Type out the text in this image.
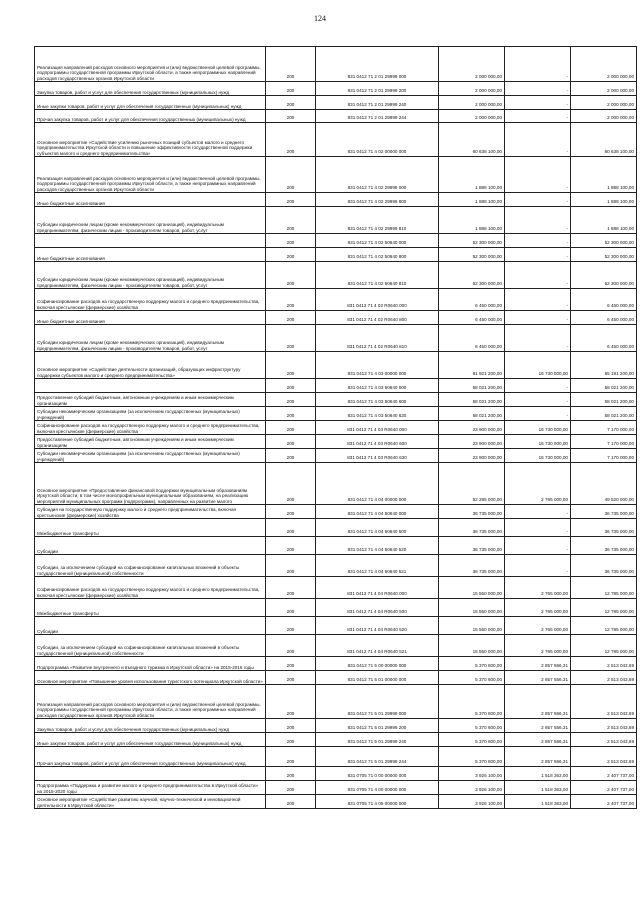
124
Реализация направлений расходов основного мероприятия и (или) ведомственной целевой программы, подпрограммы государственной программы Иркутской области, а также непрограммных направлений расходов государственных органов Иркутской области	200	831 0412 71 2 01 29999 000	2 000 000,00	-	2 000 000,00
Закупка товаров, работ и услуг для обеспечения государственных (муниципальных) нужд	200	831 0412 71 2 01 29999 200	2 000 000,00	-	2 000 000,00
Иные закупки товаров, работ и услуг для обеспечения государственных (муниципальных) нужд	200	831 0412 71 2 01 29999 240	2 000 000,00	-	2 000 000,00
Прочая закупка товаров, работ и услуг для обеспечения государственных (муниципальных) нужд	200	831 0412 71 2 01 29999 244	2 000 000,00	-	2 000 000,00
Основное мероприятие «Содействие усилению рыночных позиций субъектов малого и среднего предпринимательства Иркутской области и повышение эффективности государственной поддержки субъектов малого и среднего предпринимательства»	200	831 0412 71 4 02 00000 000	60 638 100,00	-	60 638 100,00
Реализация направлений расходов основного мероприятия и (или) ведомственной целевой программы, подпрограммы государственной программы Иркутской области, а также непрограммных направлений расходов государственных органов Иркутской области	200	831 0412 71 4 02 29999 000	1 888 100,00	-	1 888 100,00
Иные бюджетные ассигнования	200	831 0412 71 4 02 29999 800	1 888 100,00	-	1 888 100,00
Субсидии юридическим лицам (кроме некоммерческих организаций), индивидуальным предпринимателям, физическим лицам - производителям товаров, работ, услуг	200	831 0412 71 4 02 29999 810	1 888 100,00	-	1 888 100,00
	200	831 0412 71 4 02 50640 000	52 300 000,00	-	52 300 000,00
Иные бюджетные ассигнования	200	831 0412 71 4 02 50640 800	52 300 000,00	-	52 300 000,00
Субсидии юридическим лицам (кроме некоммерческих организаций), индивидуальным предпринимателям, физическим лицам - производителям товаров, работ, услуг	200	831 0412 71 4 02 50640 810	52 300 000,00	-	52 300 000,00
Софинансирование расходов на государственную поддержку малого и среднего предпринимательства, включая крестьянские (фермерские) хозяйства	200	831 0412 71 4 02 R0640 000	6 450 000,00	-	6 450 000,00
Иные бюджетные ассигнования	200	831 0412 71 4 02 R0640 800	6 450 000,00	-	6 450 000,00
Субсидии юридическим лицам (кроме некоммерческих организаций), индивидуальным предпринимателям, физическим лицам - производителям товаров, работ, услуг	200	831 0412 71 4 02 R0640 810	6 450 000,00	-	6 450 000,00
Основное мероприятие «Содействие деятельности организаций, образующих инфраструктуру поддержки субъектов малого и среднего предпринимательства»	200	831 0412 71 4 03 00000 000	81 921 200,00	16 730 000,00	65 191 200,00
	200	831 0412 71 4 03 50640 000	58 021 200,00	-	58 021 200,00
Предоставление субсидий бюджетным, автономным учреждениям и иным некоммерческим организациям	200	831 0412 71 4 03 50640 600	58 021 200,00	-	58 021 200,00
Субсидии некоммерческим организациям (за исключением государственных (муниципальных) учреждений)	200	831 0412 71 4 03 50640 630	58 021 200,00	-	58 021 200,00
Софинансирование расходов на государственную поддержку малого и среднего предпринимательства, включая крестьянские (фермерские) хозяйства	200	831 0412 71 4 03 R0640 000	23 900 000,00	16 730 000,00	7 170 000,00
Предоставление субсидий бюджетным, автономным учреждениям и иным некоммерческим организациям	200	831 0412 71 4 03 R0640 600	23 900 000,00	16 730 000,00	7 170 000,00
Субсидии некоммерческим организациям (за исключением государственных (муниципальных) учреждений)	200	831 0412 71 4 03 R0640 630	23 900 000,00	16 730 000,00	7 170 000,00
Основное мероприятие «Предоставление финансовой поддержки муниципальным образованиям Иркутской области, в том числе монопрофильным муниципальным образованиям, на реализацию мероприятий муниципальных программ (подпрограмм), направленных на развитие малого	200	831 0412 71 4 04 00000 000	52 285 000,00	2 765 000,00	49 520 000,00
Субсидия на государственную поддержку малого и среднего предпринимательства, включая крестьянские (фермерские) хозяйства	200	831 0412 71 4 04 50640 000	36 735 000,00	-	36 735 000,00
Межбюджетные трансферты	200	831 0412 71 4 04 50640 500	36 735 000,00	-	36 735 000,00
Субсидии	200	831 0412 71 4 04 50640 520	36 735 000,00	-	36 735 000,00
Субсидии, за исключением субсидий на софинансирование капитальных вложений в объекты государственной (муниципальной) собственности	200	831 0412 71 4 04 50640 521	36 735 000,00	-	36 735 000,00
Софинансирование расходов на государственную поддержку малого и среднего предпринимательства, включая крестьянские (фермерские) хозяйства	200	831 0412 71 4 04 R0640 000	15 550 000,00	2 765 000,00	12 785 000,00
Межбюджетные трансферты	200	831 0412 71 4 04 R0640 500	15 550 000,00	2 765 000,00	12 785 000,00
Субсидии	200	831 0412 71 4 04 R0640 520	15 550 000,00	2 765 000,00	12 785 000,00
Субсидии, за исключением субсидий на софинансирование капитальных вложений в объекты государственной (муниципальной) собственности	200	831 0412 71 4 04 R0640 521	15 550 000,00	2 765 000,00	12 785 000,00
Подпрограмма «Развитие внутреннего и въездного туризма в Иркутской области» на 2015-2016 годы	200	831 0412 71 5 00 00000 000	5 370 600,00	2 857 556,31	2 513 043,69
Основное мероприятие «Повышение уровня использования туристского потенциала Иркутской области»	200	831 0412 71 5 01 00000 000	5 370 600,00	2 857 556,31	2 513 043,69
Реализация направлений расходов основного мероприятия и (или) ведомственной целевой программы, подпрограммы государственной программы Иркутской области, а также непрограммных направлений расходов государственных органов Иркутской области	200	831 0412 71 5 01 29999 000	5 370 600,00	2 857 556,31	2 513 043,69
Закупка товаров, работ и услуг для обеспечения государственных (муниципальных) нужд	200	831 0412 71 5 01 29999 200	5 370 600,00	2 857 556,31	2 513 043,69
Иные закупки товаров, работ и услуг для обеспечения государственных (муниципальных) нужд	200	831 0412 71 5 01 29999 240	5 370 600,00	2 857 556,31	2 513 043,69
Прочая закупка товаров, работ и услуг для обеспечения государственных (муниципальных) нужд	200	831 0412 71 5 01 29999 244	5 370 600,00	2 857 556,31	2 513 043,69
	200	831 0705 71 0 00 00000 000	3 926 100,00	1 518 363,00	2 407 737,00
Подпрограмма «Поддержка и развитие малого и среднего предпринимательства в Иркутской области» на 2015-2020 годы	200	831 0705 71 4 00 00000 000	3 926 100,00	1 518 363,00	2 407 737,00
Основное мероприятие «Содействие развитию научной, научно-технической и инновационной деятельности в Иркутской области»	200	831 0705 71 4 05 00000 000	3 926 100,00	1 518 363,00	2 407 737,00
